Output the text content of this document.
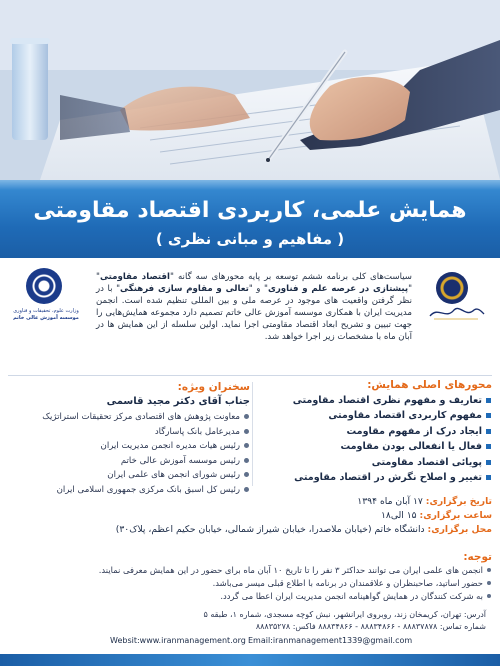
همایش علمی، کاربردی اقتصاد مقاومتی
( مفاهیم و مبانی نظری )
وزارت علوم، تحقیقات و فناوری
موسسه آموزش عالی خاتم
سیاست‌های کلی برنامه ششم توسعه بر پایه محورهای سه گانه "اقتصاد مقاومتی" "پیشتازی در عرصه علم و فناوری" و "تعالی و مقاوم سازی فرهنگی" با در نظر گرفتن واقعیت های موجود در عرصه ملی و بین المللی تنظیم شده است. انجمن مدیریت ایران با همکاری موسسه آموزش عالی خاتم تصمیم دارد مجموعه همایش‌هایی را جهت تبیین و تشریح ابعاد اقتصاد مقاومتی اجرا نماید. اولین سلسله از این همایش ها در آبان ماه با مشخصات زیر اجرا خواهد شد.
محورهای اصلی همایش:
تعاریف و مفهوم نظری اقتصاد مقاومتی
مفهوم کاربردی اقتصاد مقاومتی
ایجاد درک از مفهوم مقاومت
فعال یا انفعالی بودن مقاومت
پویائی اقتصاد مقاومتی
تغییر و اصلاح نگرش در اقتصاد مقاومتی
سخنران ویژه:
جناب آقای دکتر مجید قاسمی
معاونت پژوهش های اقتصادی مرکز تحقیقات استراتژیک
مدیرعامل بانک پاسارگاد
رئیس هیات مدیره انجمن مدیریت ایران
رئیس موسسه آموزش عالی خاتم
رئیس شورای انجمن های علمی ایران
رئیس کل اسبق بانک مرکزی جمهوری اسلامی ایران
تاریخ برگزاری: ۱۷ آبان ماه ۱۳۹۴
ساعت برگزاری: ۱۵ الی۱۸
محل برگزاری: دانشگاه خاتم (خیابان ملاصدرا، خیابان شیراز شمالی، خیابان حکیم اعظم، پلاک۳۰)
توجه:
انجمن های علمی ایران می توانند حداکثر ۳ نفر را تا تاریخ ۱۰ آبان ماه برای حضور در این همایش معرفی نمایند.
حضور اساتید، صاحبنظران و علاقمندان در برنامه با اطلاع قبلی میسر می‌باشد.
به شرکت کنندگان در همایش گواهینامه انجمن مدیریت ایران اعطا می گردد.
آدرس: تهران، کریمخان زند، روبروی ایرانشهر، نبش کوچه مسجدی، شماره ۱، طبقه ۵
شماره تماس: ۸۸۸۳۷۸۷۸ - ۸۸۸۳۴۸۶۶ - ۸۸۸۳۴۸۶۶ فاکس: ۸۸۸۳۵۲۷۸
Websit:www.iranmanagement.org Email:iranmanagement1339@gmail.com
